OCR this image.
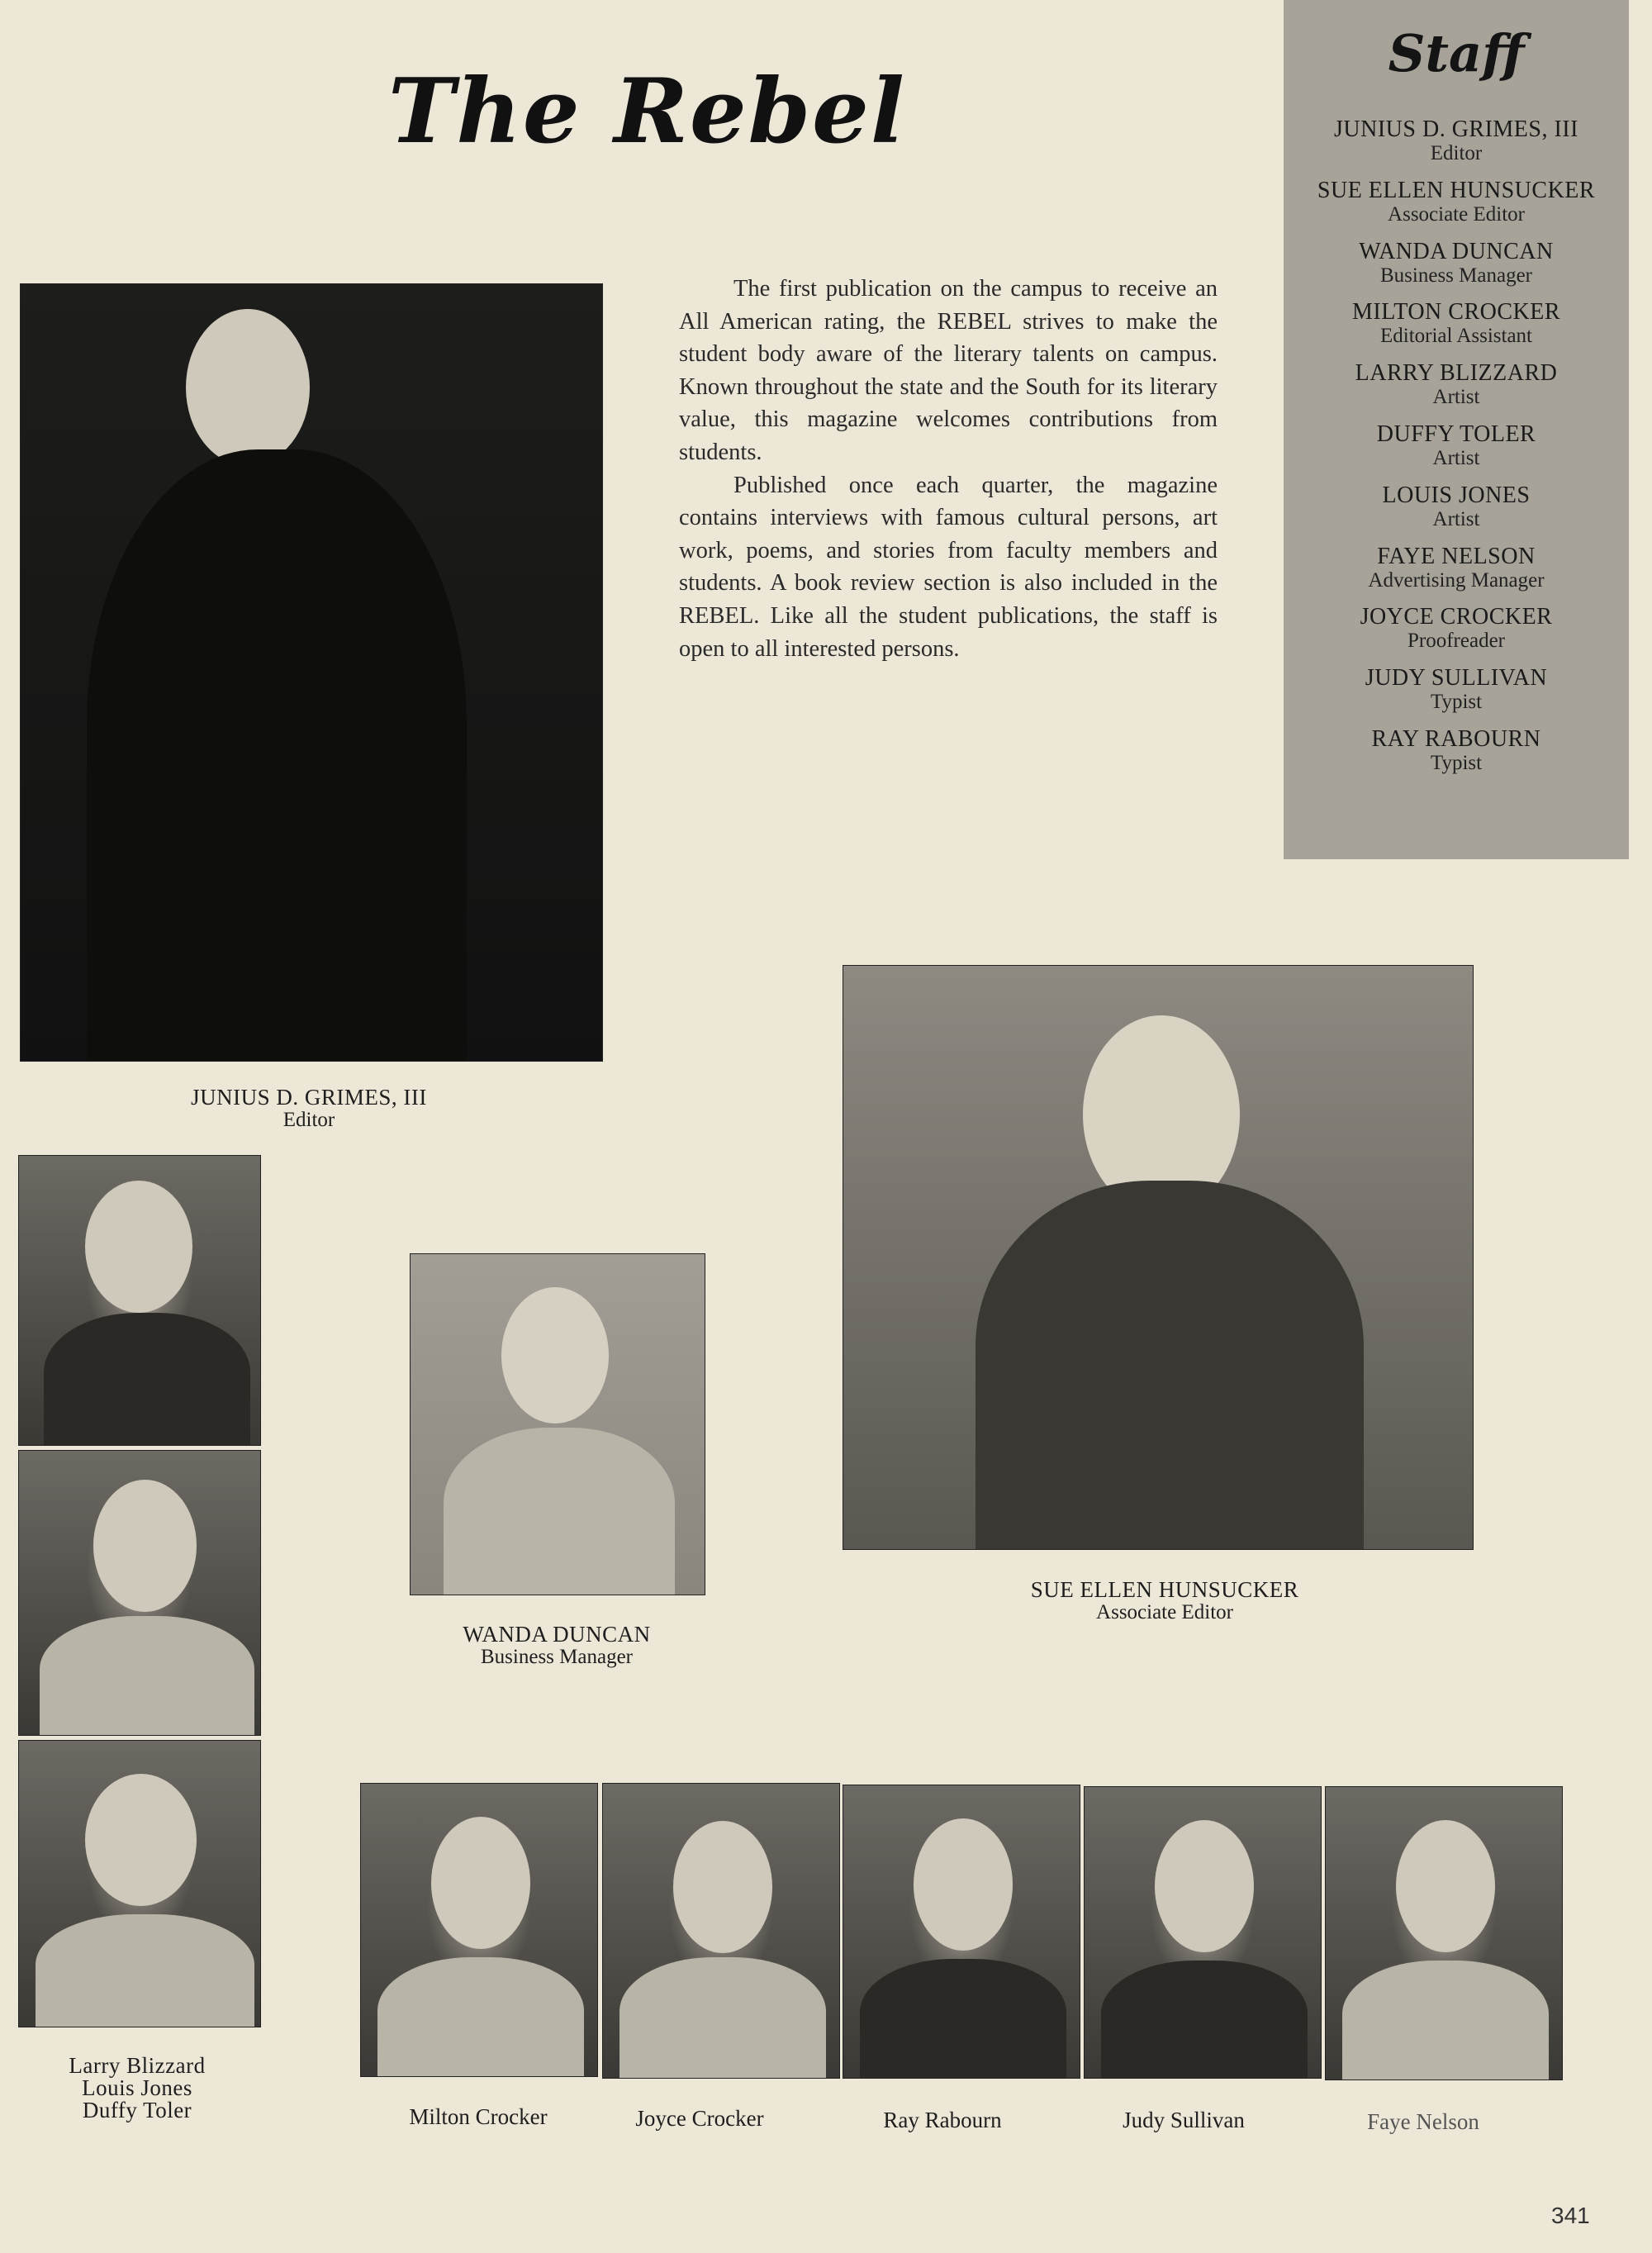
The Rebel

The first publication on the campus to receive an All American rating, the REBEL strives to make the student body aware of the literary talents on campus. Known throughout the state and the South for its literary value, this magazine welcomes contributions from students.

Published once each quarter, the magazine contains interviews with famous cultural persons, art work, poems, and stories from faculty members and students. A book review section is also included in the REBEL. Like all the student publications, the staff is open to all interested persons.

Staff
JUNIUS D. GRIMES, III
Editor
SUE ELLEN HUNSUCKER
Associate Editor
WANDA DUNCAN
Business Manager
MILTON CROCKER
Editorial Assistant
LARRY BLIZZARD
Artist
DUFFY TOLER
Artist
LOUIS JONES
Artist
FAYE NELSON
Advertising Manager
JOYCE CROCKER
Proofreader
JUDY SULLIVAN
Typist
RAY RABOURN
Typist
JUNIUS D. GRIMES, III
Editor
SUE ELLEN HUNSUCKER
Associate Editor
WANDA DUNCAN
Business Manager
Larry Blizzard
Louis Jones
Duffy Toler	Milton Crocker	Joyce Crocker	Ray Rabourn	Judy Sullivan	Faye Nelson
341
